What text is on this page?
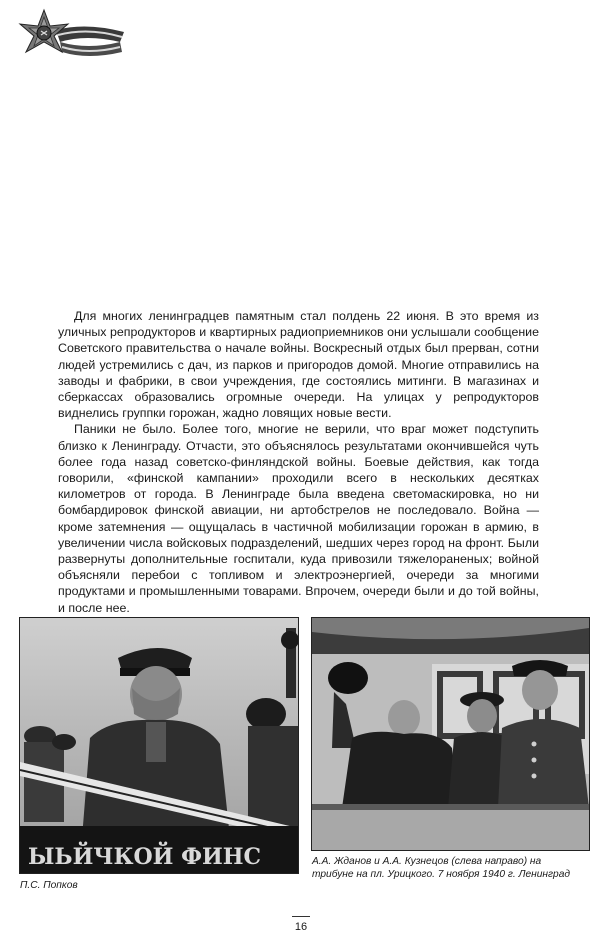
Для многих ленинградцев памятным стал полдень 22 июня. В это время из уличных репродукторов и квартирных радиоприемников они услышали сообщение Советского правительства о начале войны. Воскресный отдых был прерван, сотни людей устремились с дач, из парков и пригородов домой. Многие отправились на заводы и фабрики, в свои учреждения, где состоялись митинги. В магазинах и сберкассах образовались огромные очереди. На улицах у репродукторов виднелись группки горожан, жадно ловящих новые вести.

Паники не было. Более того, многие не верили, что враг может подступить близко к Ленинграду. Отчасти, это объяснялось результатами окончившейся чуть более года назад советско-финляндской войны. Боевые действия, как тогда говорили, «финской кампании» проходили всего в нескольких десятках километров от города. В Ленинграде была введена светомаскировка, но ни бомбардировок финской авиации, ни артобстрелов не последовало. Война — кроме затемнения — ощущалась в частичной мобилизации горожан в армию, в увеличении числа войсковых подразделений, шедших через город на фронт. Были развернуты дополнительные госпитали, куда привозили тяжелораненых; войной объясняли перебои с топливом и электроэнергией, очереди за многими продуктами и промышленными товарами. Впрочем, очереди были и до той войны, и после нее.

ЫЬЙЧКОЙ ФИНС
П.С. Попков
А.А. Жданов и А.А. Кузнецов (слева направо) на трибуне на пл. Урицкого. 7 ноября 1940 г. Ленинград
16
